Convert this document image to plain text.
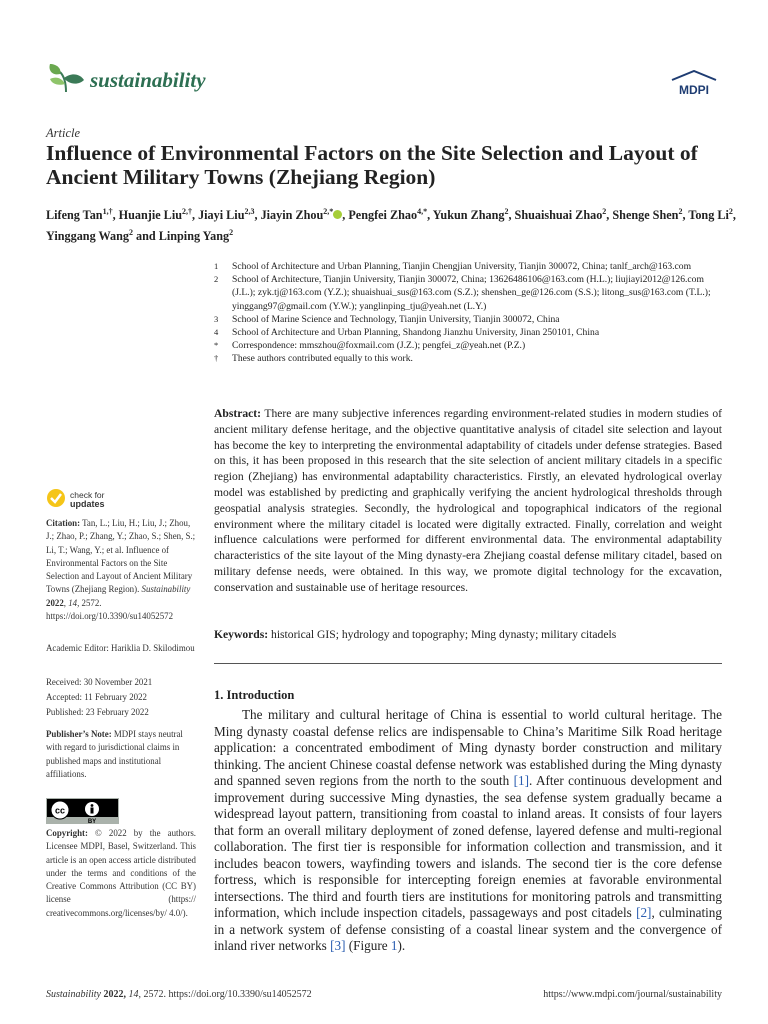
sustainability	MDPI
Article
Influence of Environmental Factors on the Site Selection and Layout of Ancient Military Towns (Zhejiang Region)
Lifeng Tan$^{1,\dagger}$, Huanjie Liu$^{2,\dagger}$, Jiayi Liu$^{2,3}$, Jiayin Zhou$^{2,*}$ , Pengfei Zhao$^{4,*}$, Yukun Zhang$^2$, Shuaishuai Zhao$^2$, Shenge Shen$^2$, Tong Li$^2$, Yinggang Wang$^2$ and Linping Yang$^2$
1	School of Architecture and Urban Planning, Tianjin Chengjian University, Tianjin 300072, China; tanlf_arch@163.com
2	School of Architecture, Tianjin University, Tianjin 300072, China; 13626486106@163.com (H.L.); liujiayi2012@126.com (J.L.); zyk.tj@163.com (Y.Z.); shuaishuai_sus@163.com (S.Z.); shenshen_ge@126.com (S.S.); litong_sus@163.com (T.L.); yinggang97@gmail.com (Y.W.); yanglinping_tju@yeah.net (L.Y.)
3	School of Marine Science and Technology, Tianjin University, Tianjin 300072, China
4	School of Architecture and Urban Planning, Shandong Jianzhu University, Jinan 250101, China
*	Correspondence: mmszhou@foxmail.com (J.Z.); pengfei_z@yeah.net (P.Z.)
†	These authors contributed equally to this work.
Abstract: There are many subjective inferences regarding environment-related studies in modern studies of ancient military defense heritage, and the objective quantitative analysis of citadel site selection and layout has become the key to interpreting the environmental adaptability of citadels under defense strategies. Based on this, it has been proposed in this research that the site selection of ancient military citadels in a specific region (Zhejiang) has environmental adaptability characteristics. Firstly, an elevated hydrological overlay model was established by predicting and graphically verifying the ancient hydrological thresholds through geospatial analysis strategies. Secondly, the hydrological and topographical indicators of the regional environment where the military citadel is located were digitally extracted. Finally, correlation and weight influence calculations were performed for different environmental data. The environmental adaptability characteristics of the site layout of the Ming dynasty-era Zhejiang coastal defense military citadel, based on military defense needs, were obtained. In this way, we promote digital technology for the excavation, conservation and sustainable use of heritage resources.
Keywords: historical GIS; hydrology and topography; Ming dynasty; military citadels
1. Introduction
The military and cultural heritage of China is essential to world cultural heritage. The Ming dynasty coastal defense relics are indispensable to China’s Maritime Silk Road heritage application: a concentrated embodiment of Ming dynasty border construction and military thinking. The ancient Chinese coastal defense network was established during the Ming dynasty and spanned seven regions from the north to the south [1]. After continuous development and improvement during successive Ming dynasties, the sea defense system gradually became a widespread layout pattern, transitioning from coastal to inland areas. It consists of four layers that form an overall military deployment of zoned defense, layered defense and multi-regional collaboration. The first tier is responsible for information collection and transmission, and it includes beacon towers, wayfinding towers and islands. The second tier is the core defense fortress, which is responsible for intercepting foreign enemies at favorable environmental intersections. The third and fourth tiers are institutions for monitoring patrols and transmitting information, which include inspection citadels, passageways and post citadels [2], culminating in a network system of defense consisting of a coastal linear system and the convergence of inland river networks [3] (Figure 1).
check for
updates
Citation: Tan, L.; Liu, H.; Liu, J.; Zhou, J.; Zhao, P.; Zhang, Y.; Zhao, S.; Shen, S.; Li, T.; Wang, Y.; et al. Influence of Environmental Factors on the Site Selection and Layout of Ancient Military Towns (Zhejiang Region). Sustainability 2022, 14, 2572. https://doi.org/10.3390/su14052572
Academic Editor: Hariklia D. Skilodimou
Received: 30 November 2021
Accepted: 11 February 2022
Published: 23 February 2022
Publisher’s Note: MDPI stays neutral with regard to jurisdictional claims in published maps and institutional affiliations.
cc
BY
Copyright: © 2022 by the authors. Licensee MDPI, Basel, Switzerland. This article is an open access article distributed under the terms and conditions of the Creative Commons Attribution (CC BY) license (https:// creativecommons.org/licenses/by/ 4.0/).
Sustainability 2022, 14, 2572. https://doi.org/10.3390/su14052572	https://www.mdpi.com/journal/sustainability
